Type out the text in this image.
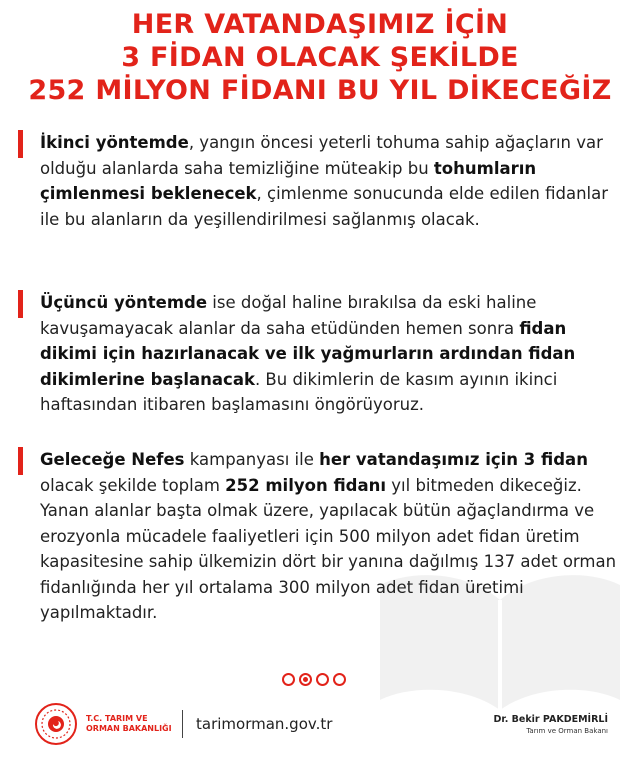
HER VATANDAŞIMIZ İÇİN
3 FİDAN OLACAK ŞEKİLDE
252 MİLYON FİDANI BU YIL DİKECEĞİZ
İkinci yöntemde, yangın öncesi yeterli tohuma sahip ağaçların var olduğu alanlarda saha temizliğine müteakip bu tohumların çimlenmesi beklenecek, çimlenme sonucunda elde edilen fidanlar ile bu alanların da yeşillendirilmesi sağlanmış olacak.
Üçüncü yöntemde ise doğal haline bırakılsa da eski haline kavuşamayacak alanlar da saha etüdünden hemen sonra fidan dikimi için hazırlanacak ve ilk yağmurların ardından fidan dikimlerine başlanacak. Bu dikimlerin de kasım ayının ikinci haftasından itibaren başlamasını öngörüyoruz.
Geleceğe Nefes kampanyası ile her vatandaşımız için 3 fidan olacak şekilde toplam 252 milyon fidanı yıl bitmeden dikeceğiz. Yanan alanlar başta olmak üzere, yapılacak bütün ağaçlandırma ve erozyonla mücadele faaliyetleri için 500 milyon adet fidan üretim kapasitesine sahip ülkemizin dört bir yanına dağılmış 137 adet orman fidanlığında her yıl ortalama 300 milyon adet fidan üretimi yapılmaktadır.
T.C. TARIM VE
ORMAN BAKANLIĞI tarimorman.gov.tr	Dr. Bekir PAKDEMİRLİ
Tarım ve Orman Bakanı
